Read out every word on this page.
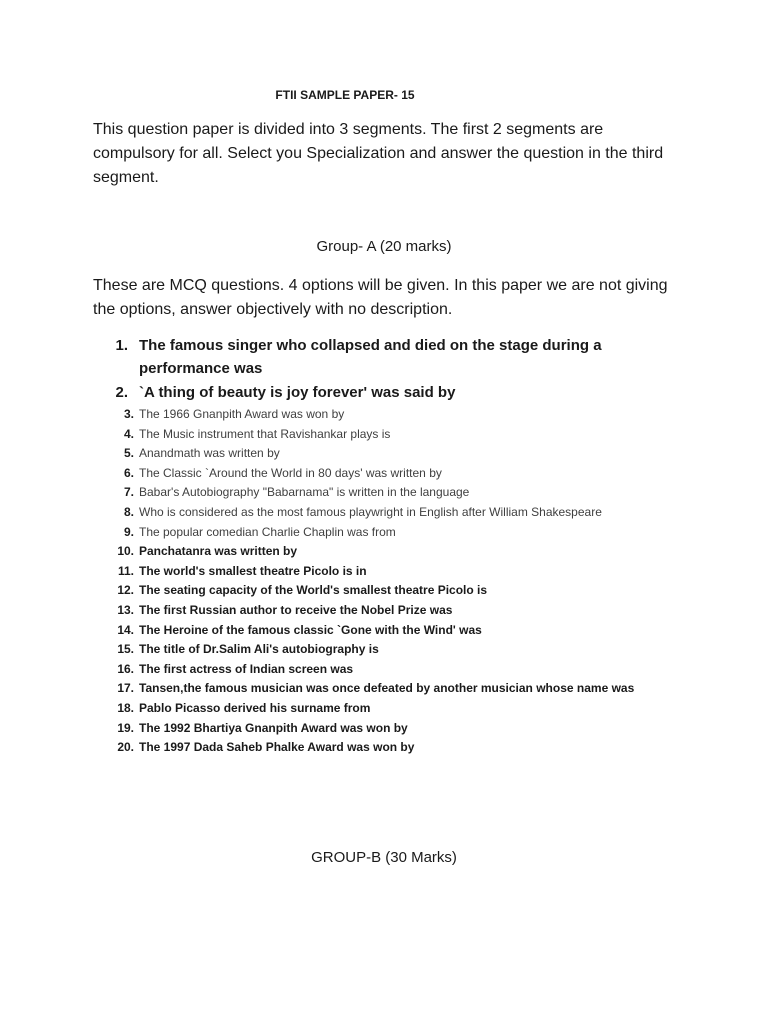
FTII SAMPLE PAPER- 15
This question paper is divided into 3 segments. The first 2 segments are compulsory for all. Select you Specialization and answer the question in the third segment.
Group- A (20 marks)
These are MCQ questions. 4 options will be given. In this paper we are not giving the options, answer objectively with no description.
1. The famous singer who collapsed and died on the stage during a performance was
2. `A thing of beauty is joy forever' was said by
3. The 1966 Gnanpith Award was won by
4. The Music instrument that Ravishankar plays is
5. Anandmath was written by
6. The Classic `Around the World in 80 days' was written by
7. Babar's Autobiography "Babarnama" is written in the language
8. Who is considered as the most famous playwright in English after William Shakespeare
9. The popular comedian Charlie Chaplin was from
10. Panchatanra was written by
11. The world's smallest theatre Picolo is in
12. The seating capacity of the World's smallest theatre Picolo is
13. The first Russian author to receive the Nobel Prize was
14. The Heroine of the famous classic `Gone with the Wind' was
15. The title of Dr.Salim Ali's autobiography is
16. The first actress of Indian screen was
17. Tansen,the famous musician was once defeated by another musician whose name was
18. Pablo Picasso derived his surname from
19. The 1992 Bhartiya Gnanpith Award was won by
20. The 1997 Dada Saheb Phalke Award was won by
GROUP-B (30 Marks)
